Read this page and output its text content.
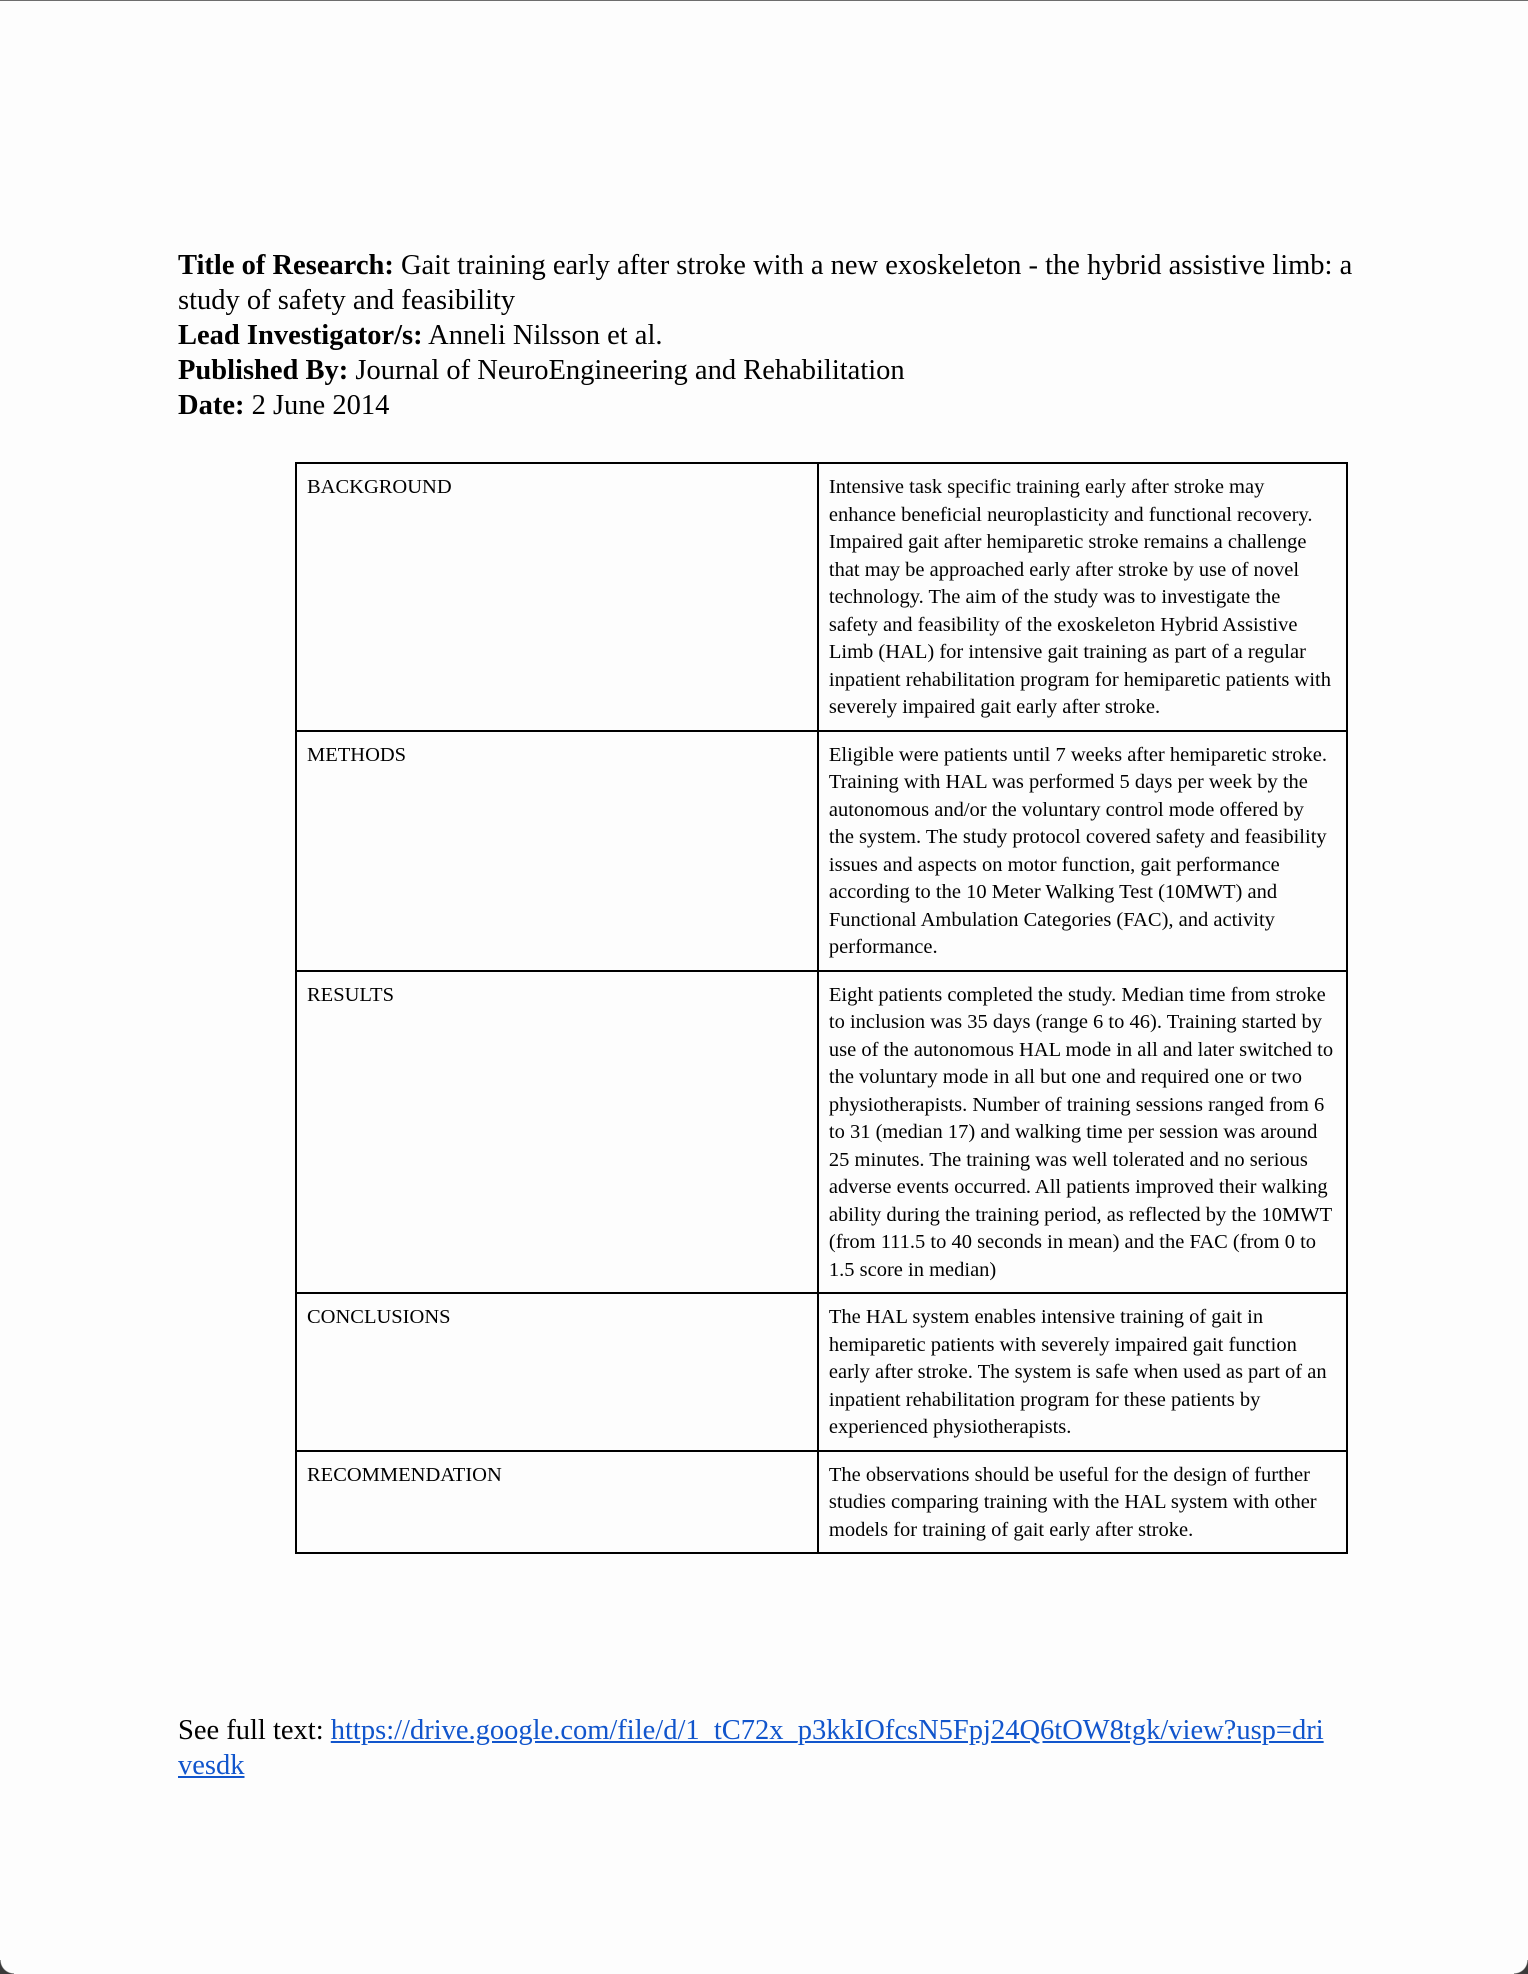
Title of Research: Gait training early after stroke with a new exoskeleton - the hybrid assistive limb: a study of safety and feasibility
Lead Investigator/s: Anneli Nilsson et al.
Published By: Journal of NeuroEngineering and Rehabilitation
Date: 2 June 2014
BACKGROUND	Intensive task specific training early after stroke may enhance beneficial neuroplasticity and functional recovery. Impaired gait after hemiparetic stroke remains a challenge that may be approached early after stroke by use of novel technology. The aim of the study was to investigate the safety and feasibility of the exoskeleton Hybrid Assistive Limb (HAL) for intensive gait training as part of a regular inpatient rehabilitation program for hemiparetic patients with severely impaired gait early after stroke.
METHODS	Eligible were patients until 7 weeks after hemiparetic stroke. Training with HAL was performed 5 days per week by the autonomous and/or the voluntary control mode offered by the system. The study protocol covered safety and feasibility issues and aspects on motor function, gait performance according to the 10 Meter Walking Test (10MWT) and Functional Ambulation Categories (FAC), and activity performance.
RESULTS	Eight patients completed the study. Median time from stroke to inclusion was 35 days (range 6 to 46). Training started by use of the autonomous HAL mode in all and later switched to the voluntary mode in all but one and required one or two physiotherapists. Number of training sessions ranged from 6 to 31 (median 17) and walking time per session was around 25 minutes. The training was well tolerated and no serious adverse events occurred. All patients improved their walking ability during the training period, as reflected by the 10MWT (from 111.5 to 40 seconds in mean) and the FAC (from 0 to 1.5 score in median)
CONCLUSIONS	The HAL system enables intensive training of gait in hemiparetic patients with severely impaired gait function early after stroke. The system is safe when used as part of an inpatient rehabilitation program for these patients by experienced physiotherapists.
RECOMMENDATION	The observations should be useful for the design of further studies comparing training with the HAL system with other models for training of gait early after stroke.
See full text: https://drive.google.com/file/d/1_tC72x_p3kkIOfcsN5Fpj24Q6tOW8tgk/view?usp=drivesdk
